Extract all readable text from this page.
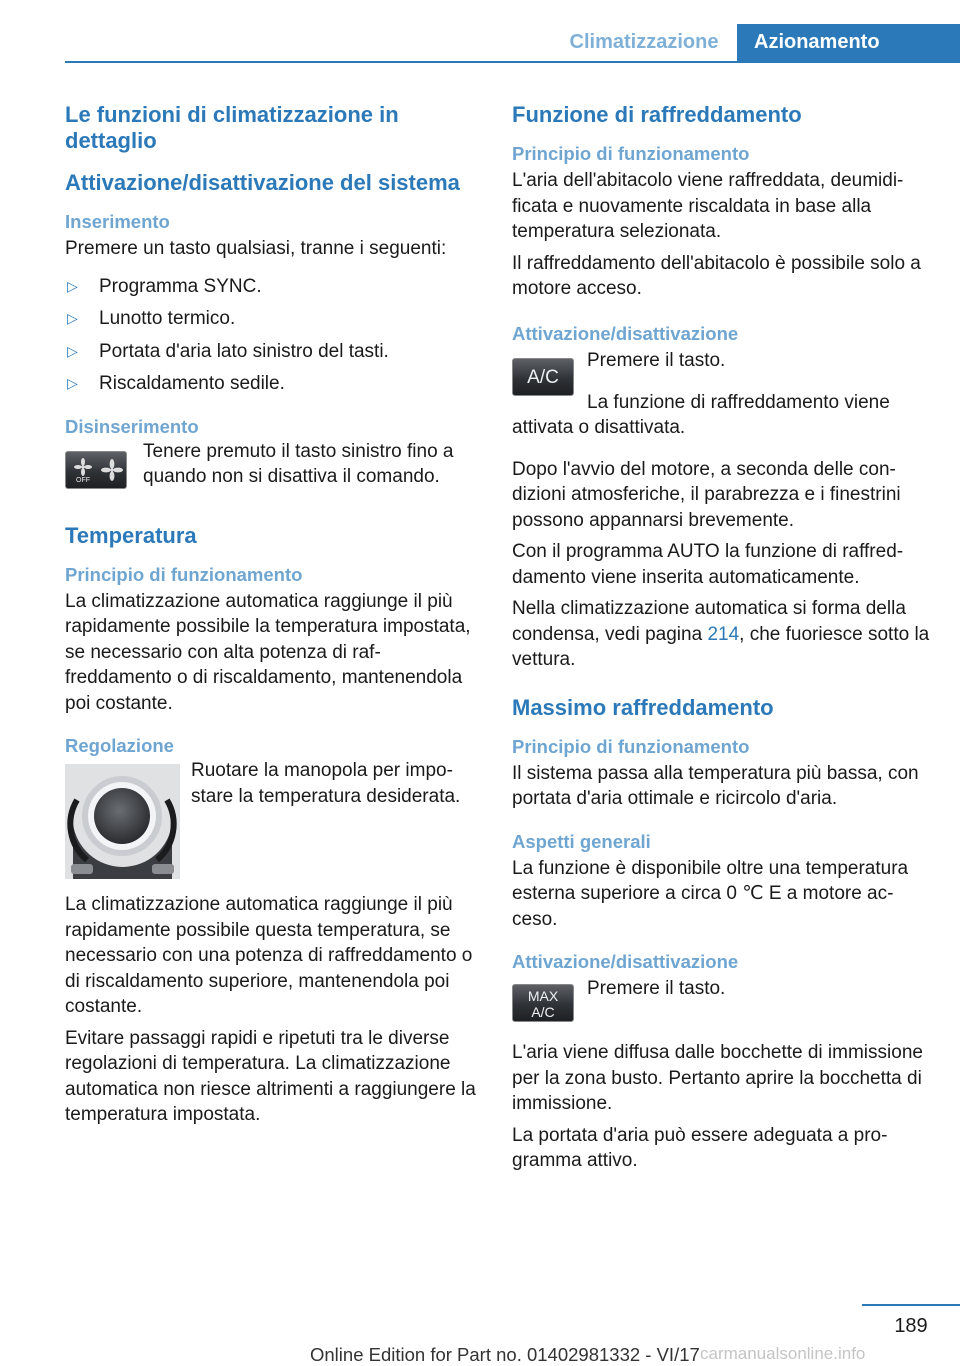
Climatizzazione	Azionamento
Le funzioni di climatizzazione in dettaglio
Attivazione/disattivazione del sistema
Inserimento
Premere un tasto qualsiasi, tranne i seguenti:
▷ Programma SYNC.
▷ Lunotto termico.
▷ Portata d'aria lato sinistro del tasti.
▷ Riscaldamento sedile.
Disinserimento
OFF
Tenere premuto il tasto sinistro fino a quando non si disattiva il comando.
Temperatura
Principio di funzionamento
La climatizzazione automatica raggiunge il più rapidamente possibile la temperatura impostata, se necessario con alta potenza di raffreddamento o di riscaldamento, mantenendola poi costante.
Regolazione
Ruotare la manopola per impostare la temperatura desiderata.
La climatizzazione automatica raggiunge il più rapidamente possibile questa temperatura, se necessario con una potenza di raffreddamento o di riscaldamento superiore, mantenendola poi costante.
Evitare passaggi rapidi e ripetuti tra le diverse regolazioni di temperatura. La climatizzazione automatica non riesce altrimenti a raggiungere la temperatura impostata.
Funzione di raffreddamento
Principio di funzionamento
L'aria dell'abitacolo viene raffreddata, deumidificata e nuovamente riscaldata in base alla temperatura selezionata.
Il raffreddamento dell'abitacolo è possibile solo a motore acceso.
Attivazione/disattivazione
A/C
Premere il tasto.
La funzione di raffreddamento viene attivata o disattivata.
Dopo l'avvio del motore, a seconda delle condizioni atmosferiche, il parabrezza e i finestrini possono appannarsi brevemente.
Con il programma AUTO la funzione di raffreddamento viene inserita automaticamente.
Nella climatizzazione automatica si forma della condensa, vedi pagina 214, che fuoriesce sotto la vettura.
Massimo raffreddamento
Principio di funzionamento
Il sistema passa alla temperatura più bassa, con portata d'aria ottimale e ricircolo d'aria.
Aspetti generali
La funzione è disponibile oltre una temperatura esterna superiore a circa 0 ℃ E a motore acceso.
Attivazione/disattivazione
MAX
A/C
Premere il tasto.
L'aria viene diffusa dalle bocchette di immissione per la zona busto. Pertanto aprire la bocchetta di immissione.
La portata d'aria può essere adeguata a programma attivo.
189
Online Edition for Part no. 01402981332 - VI/17 carmanualsonline.info
